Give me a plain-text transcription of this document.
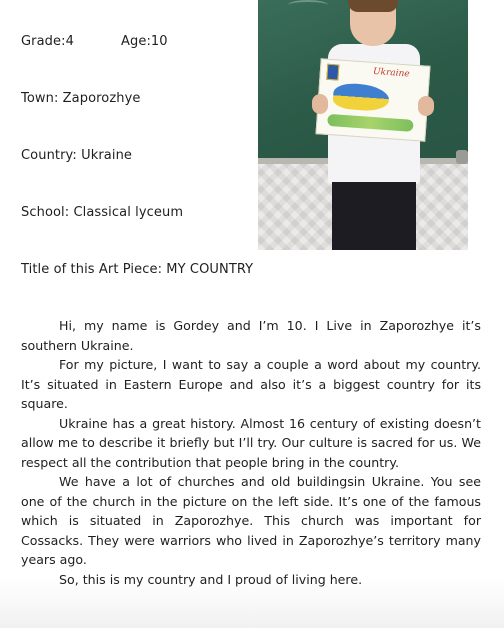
Grade:4	Age:10
Town: Zaporozhye
Country: Ukraine
School: Classical lyceum
Title of this Art Piece: MY COUNTRY
Ukraine

Hi, my name is Gordey and I’m 10. I Live in Zaporozhye it’s southern Ukraine.

For my picture, I want to say a couple a word about my country. It’s situated in Eastern Europe and also it’s a biggest country for its square.

Ukraine has a great history. Almost 16 century of existing doesn’t allow me to describe it briefly but I’ll try. Our culture is sacred for us. We respect all the contribution that people bring in the country.

We have a lot of churches and old buildingsin Ukraine. You see one of the church in the picture on the left side. It’s one of the famous which is situated in Zaporozhye. This church was important for Cossacks. They were warriors who lived in Zaporozhye’s territory many years ago.

So, this is my country and I proud of living here.
